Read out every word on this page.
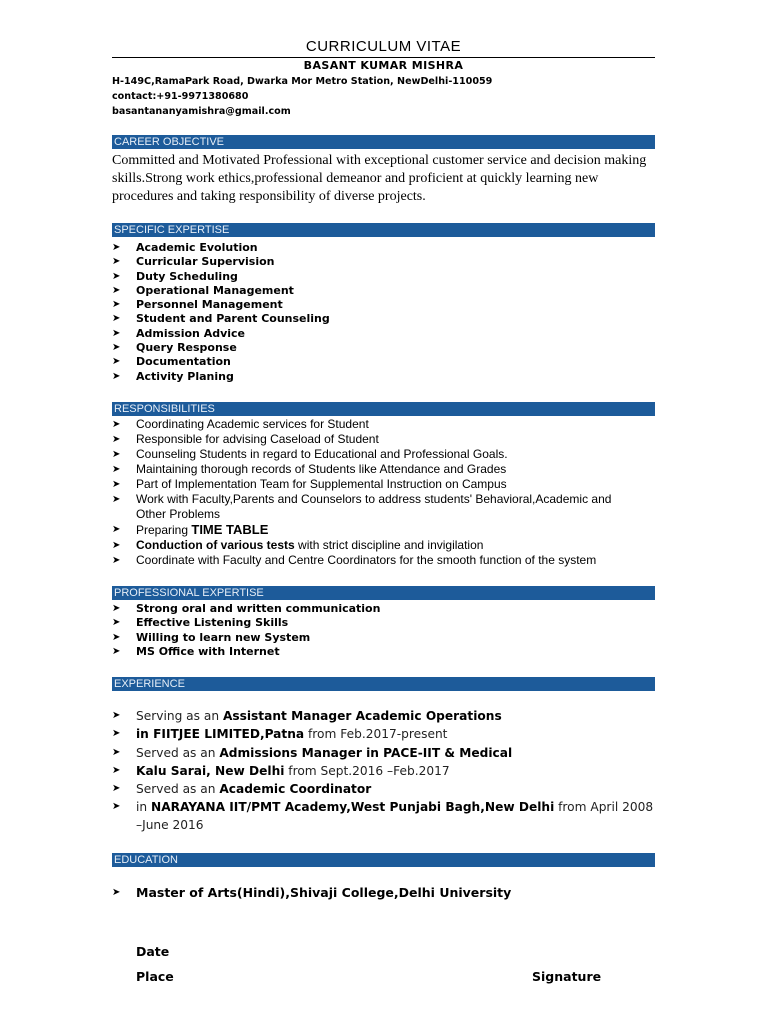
CURRICULUM VITAE
BASANT KUMAR MISHRA
H-149C,RamaPark Road, Dwarka Mor Metro Station, NewDelhi-110059
contact:+91-9971380680
basantananyamishra@gmail.com
CAREER OBJECTIVE
Committed and Motivated Professional with exceptional customer service and decision making skills.Strong work ethics,professional demeanor and proficient at quickly learning new procedures and taking responsibility of diverse projects.
SPECIFIC EXPERTISE
➤ Academic Evolution
➤ Curricular Supervision
➤ Duty Scheduling
➤ Operational Management
➤ Personnel Management
➤ Student and Parent Counseling
➤ Admission Advice
➤ Query Response
➤ Documentation
➤ Activity Planing
RESPONSIBILITIES
➤ Coordinating Academic services for Student
➤ Responsible for advising Caseload of Student
➤ Counseling Students in regard to Educational and Professional Goals.
➤ Maintaining thorough records of Students like Attendance and Grades
➤ Part of Implementation Team for Supplemental Instruction on Campus
➤ Work with Faculty,Parents and Counselors to address students' Behavioral,Academic and Other Problems
➤ Preparing TIME TABLE
➤ Conduction of various tests with strict discipline and invigilation
➤ Coordinate with Faculty and Centre Coordinators for the smooth function of the system
PROFESSIONAL EXPERTISE
➤ Strong oral and written communication
➤ Effective Listening Skills
➤ Willing to learn new System
➤ MS Office with Internet
EXPERIENCE
➤ Serving as an Assistant Manager Academic Operations
➤ in FIITJEE LIMITED,Patna from Feb.2017-present
➤ Served as an Admissions Manager in PACE-IIT & Medical
➤ Kalu Sarai, New Delhi from Sept.2016 –Feb.2017
➤ Served as an Academic Coordinator
➤ in NARAYANA IIT/PMT Academy,West Punjabi Bagh,New Delhi from April 2008 –June 2016
EDUCATION
➤ Master of Arts(Hindi),Shivaji College,Delhi University
Date
Place	Signature
